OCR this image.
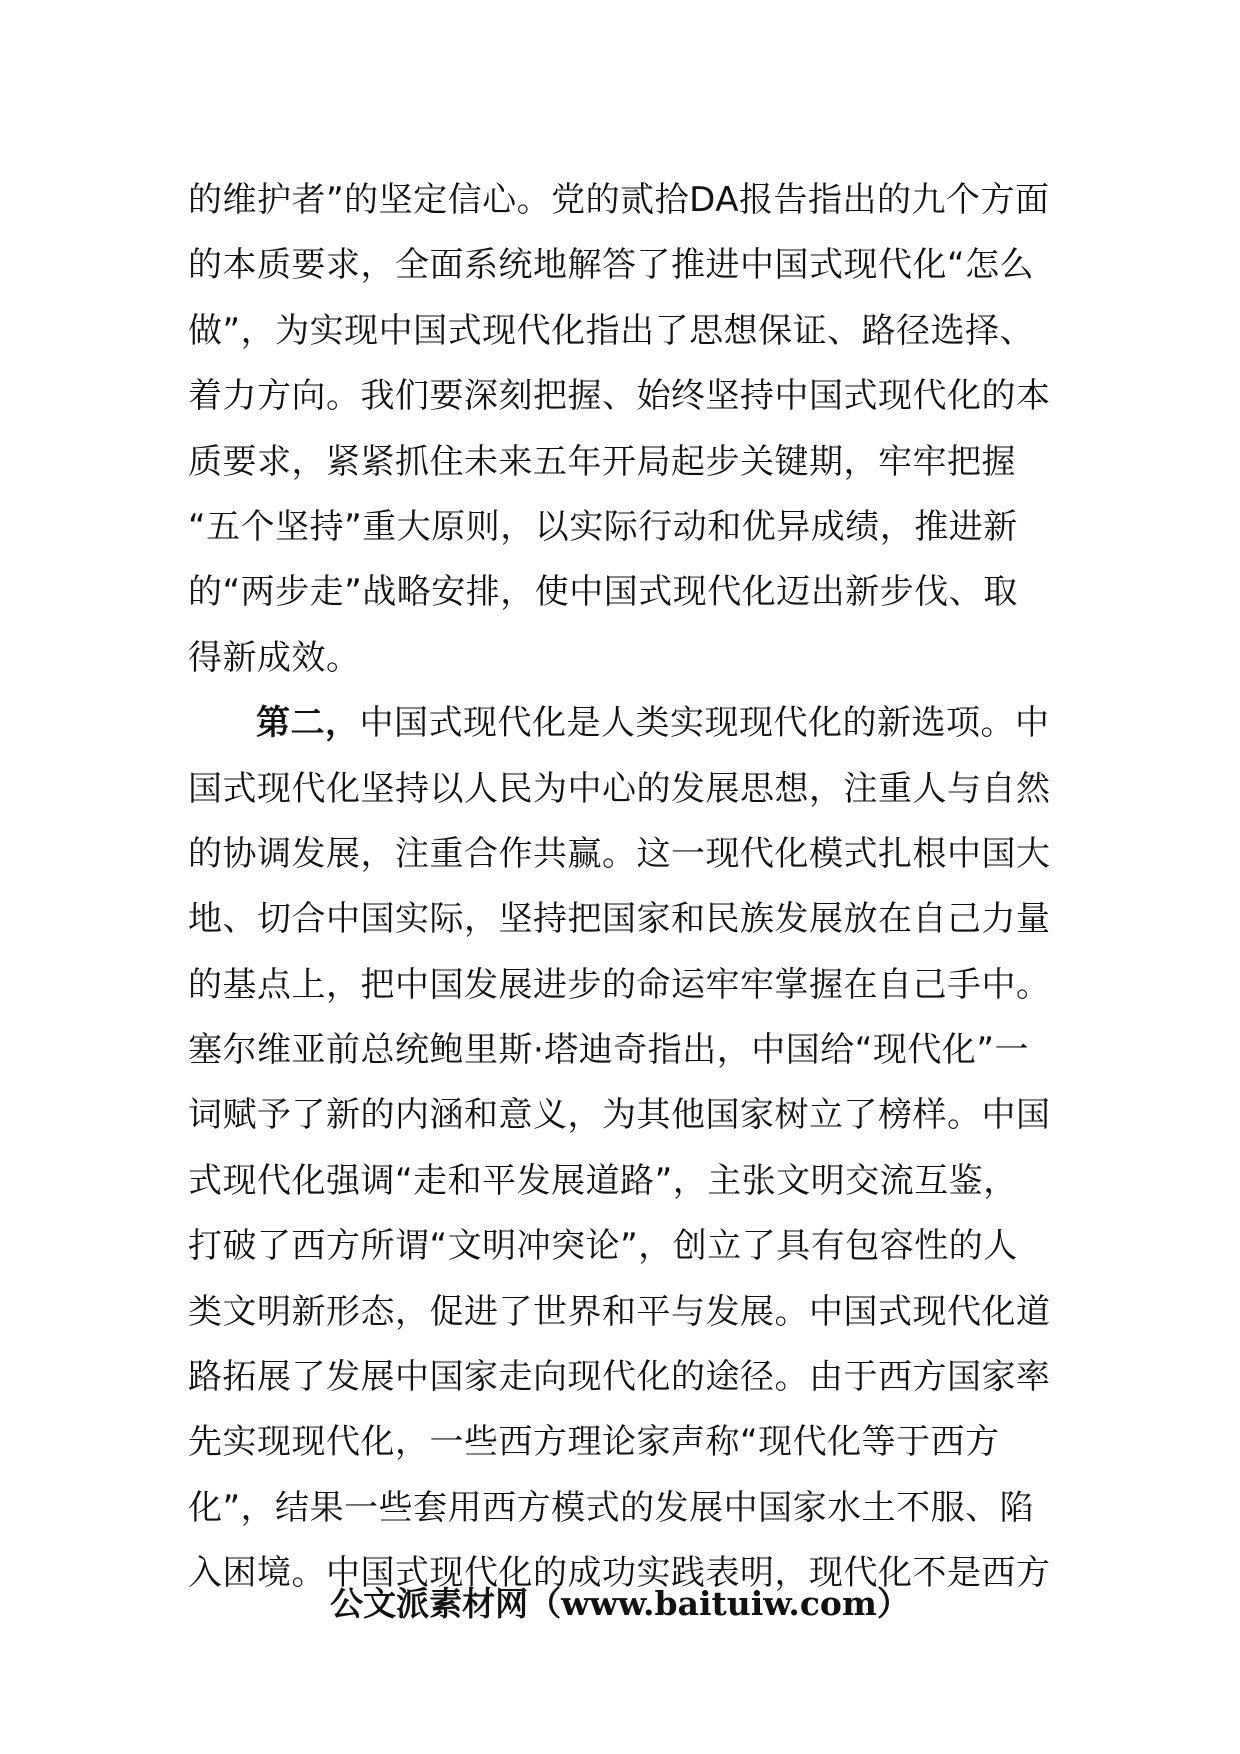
的维护者”的坚定信心。党的贰拾DA报告指出的九个方面
的本质要求，全面系统地解答了推进中国式现代化“怎么
做”，为实现中国式现代化指出了思想保证、路径选择、
着力方向。我们要深刻把握、始终坚持中国式现代化的本
质要求，紧紧抓住未来五年开局起步关键期，牢牢把握
“五个坚持”重大原则，以实际行动和优异成绩，推进新
的“两步走”战略安排，使中国式现代化迈出新步伐、取
得新成效。
第二，中国式现代化是人类实现现代化的新选项。中
国式现代化坚持以人民为中心的发展思想，注重人与自然
的协调发展，注重合作共赢。这一现代化模式扎根中国大
地、切合中国实际，坚持把国家和民族发展放在自己力量
的基点上，把中国发展进步的命运牢牢掌握在自己手中。
塞尔维亚前总统鲍里斯·塔迪奇指出，中国给“现代化”一
词赋予了新的内涵和意义，为其他国家树立了榜样。中国
式现代化强调“走和平发展道路”，主张文明交流互鉴，
打破了西方所谓“文明冲突论”，创立了具有包容性的人
类文明新形态，促进了世界和平与发展。中国式现代化道
路拓展了发展中国家走向现代化的途径。由于西方国家率
先实现现代化，一些西方理论家声称“现代化等于西方
化”，结果一些套用西方模式的发展中国家水土不服、陷
入困境。中国式现代化的成功实践表明，现代化不是西方
公文派素材网（www.baituiw.com）
